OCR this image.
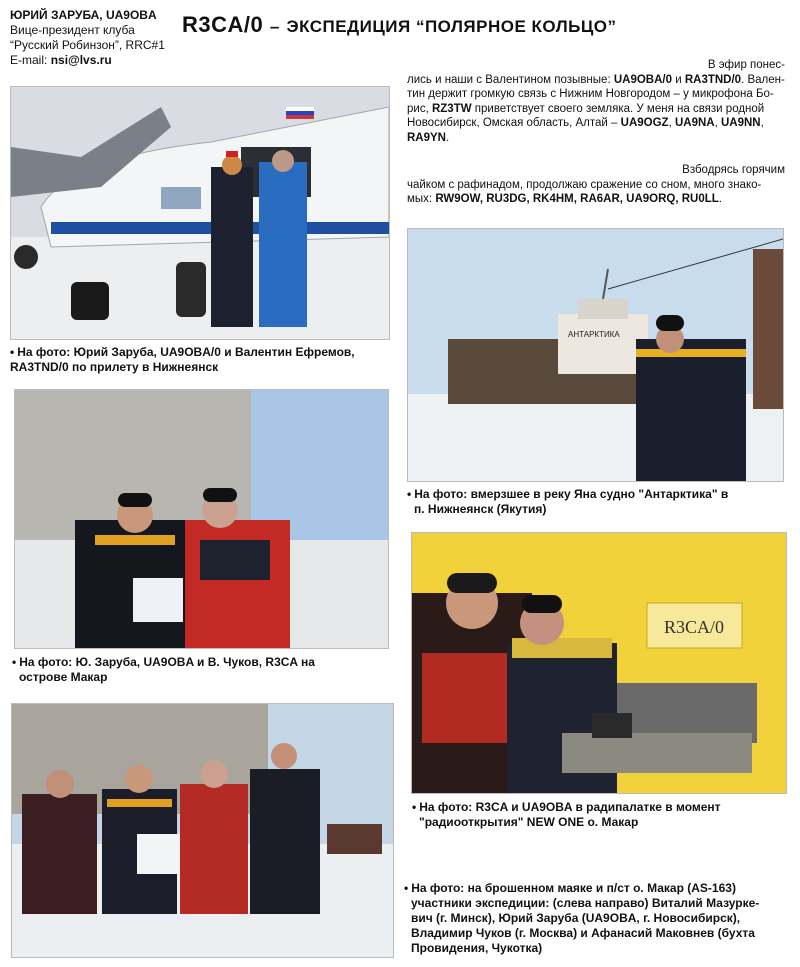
ЮРИЙ ЗАРУБА, UA9OBA
Вице-президент клуба
“Русский Робинзон”, RRC#1
E-mail: nsi@lvs.ru
R3CA/0 – ЭКСПЕДИЦИЯ “ПОЛЯРНОЕ КОЛЬЦО”
В эфир понес-
лись и наши с Валентином позывные: UA9OBA/0 и RA3TND/0. Вален-
тин держит громкую связь с Нижним Новгородом – у микрофона Бо-
рис, RZ3TW приветствует своего земляка. У меня на связи родной
Новосибирск, Омская область, Алтай – UA9OGZ, UA9NA, UA9NN,
RA9YN.
Взбодрясь горячим
чайком с рафинадом, продолжаю сражение со сном, много знако-
мых: RW9OW, RU3DG, RK4HM, RA6AR, UA9ORQ, RU0LL.
• На фото: Юрий Заруба, UA9OBA/0 и Валентин Ефремов,
RA3TND/0 по прилету в Нижнеянск
АНТАРКТИКА
• На фото: вмерзшее в реку Яна судно "Антарктика" в
п. Нижнеянск (Якутия)
• На фото: Ю. Заруба, UA9OBA и В. Чуков, R3CA на
острове Макар
R3CA/0
• На фото: R3CA и UA9OBA в радипалатке в момент
"радиооткрытия" NEW ONE о. Макар
• На фото: на брошенном маяке и п/ст о. Макар (AS-163)
участники экспедиции: (слева направо) Виталий Мазурке-
вич (г. Минск), Юрий Заруба (UA9OBA, г. Новосибирск),
Владимир Чуков (г. Москва) и Афанасий Маковнев (бухта
Провидения, Чукотка)
